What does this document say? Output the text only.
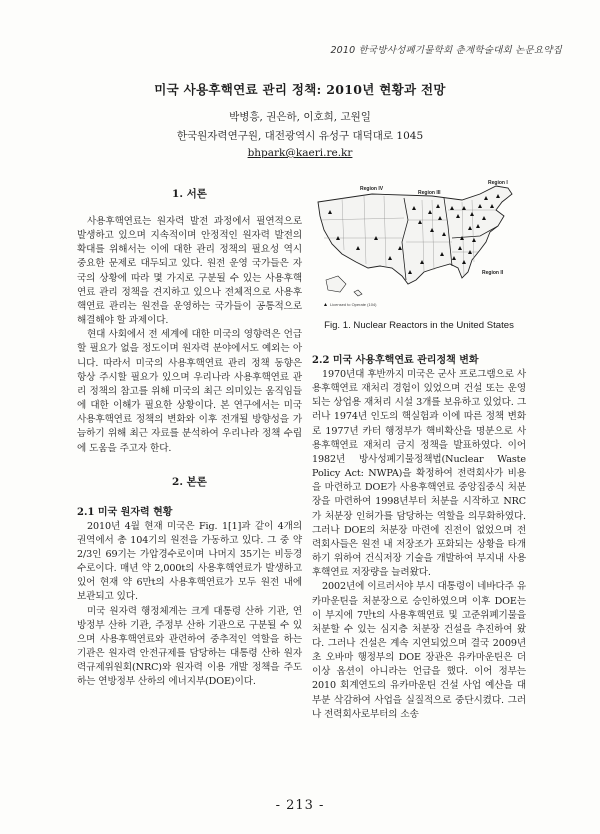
2010 한국방사성폐기물학회 춘계학술대회 논문요약집
미국 사용후핵연료 관리 정책: 2010년 현황과 전망
박병흥, 권은하, 이호희, 고원일
한국원자력연구원, 대전광역시 유성구 대덕대로 1045
bhpark@kaeri.re.kr
1. 서론

사용후핵연료는 원자력 발전 과정에서 필연적으로 발생하고 있으며 지속적이며 안정적인 원자력 발전의 확대를 위해서는 이에 대한 관리 정책의 필요성 역시 중요한 문제로 대두되고 있다. 원전 운영 국가들은 자국의 상황에 따라 몇 가지로 구분될 수 있는 사용후핵연료 관리 정책을 견지하고 있으나 전체적으로 사용후핵연료 관리는 원전을 운영하는 국가들이 공통적으로 해결해야 할 과제이다.

현대 사회에서 전 세계에 대한 미국의 영향력은 언급할 필요가 없을 정도이며 원자력 분야에서도 예외는 아니다. 따라서 미국의 사용후핵연료 관리 정책 동향은 항상 주시할 필요가 있으며 우리나라 사용후핵연료 관리 정책의 참고를 위해 미국의 최근 의미있는 움직임들에 대한 이해가 필요한 상황이다. 본 연구에서는 미국 사용후핵연료 정책의 변화와 이후 전개될 방향성을 가늠하기 위해 최근 자료를 분석하여 우리나라 정책 수립에 도움을 주고자 한다.

2. 본론
2.1 미국 원자력 현황

2010년 4월 현재 미국은 Fig. 1[1]과 같이 4개의 권역에서 총 104기의 원전을 가동하고 있다. 그 중 약 2/3인 69기는 가압경수로이며 나머지 35기는 비등경수로이다. 매년 약 2,000t의 사용후핵연료가 발생하고 있어 현재 약 6만t의 사용후핵연료가 모두 원전 내에 보관되고 있다.

미국 원자력 행정체계는 크게 대통령 산하 기관, 연방정부 산하 기관, 주정부 산하 기관으로 구분될 수 있으며 사용후핵연료와 관련하여 중추적인 역할을 하는 기관은 원자력 안전규제를 담당하는 대통령 산하 원자력규제위원회(NRC)와 원자력 이용 개발 정책을 주도하는 연방정부 산하의 에너지부(DOE)이다.

Region IV
Region III
Region I
Region II
Licensed to Operate (104)
Fig. 1. Nuclear Reactors in the United States
2.2 미국 사용후핵연료 관리정책 변화

1970년대 후반까지 미국은 군사 프로그램으로 사용후핵연료 재처리 경험이 있었으며 건설 또는 운영되는 상업용 재처리 시설 3개를 보유하고 있었다. 그러나 1974년 인도의 핵실험과 이에 따른 정책 변화로 1977년 카터 행정부가 핵비확산을 명분으로 사용후핵연료 재처리 금지 정책을 발표하였다. 이어 1982년 방사성폐기물정책법(Nuclear Waste Policy Act: NWPA)을 확정하여 전력회사가 비용을 마련하고 DOE가 사용후핵연료 중앙집중식 처분장을 마련하여 1998년부터 처분을 시작하고 NRC가 처분장 인허가를 담당하는 역할을 의무화하였다. 그러나 DOE의 처분장 마련에 진전이 없었으며 전력회사들은 원전 내 저장조가 포화되는 상황을 타개하기 위하여 건식저장 기술을 개발하여 부지내 사용후핵연료 저장량을 늘려왔다.

2002년에 이르러서야 부시 대통령이 네바다주 유카마운틴을 처분장으로 승인하였으며 이후 DOE는 이 부지에 7만t의 사용후핵연료 및 고준위폐기물을 처분할 수 있는 심지층 처분장 건설을 추진하여 왔다. 그러나 건설은 계속 지연되었으며 결국 2009년 초 오바마 행정부의 DOE 장관은 유카마운틴은 더 이상 옵션이 아니라는 언급을 했다. 이어 정부는 2010 회계연도의 유카마운틴 건설 사업 예산을 대부분 삭감하여 사업을 실질적으로 중단시켰다. 그러나 전력회사로부터의 소송

- 213 -
